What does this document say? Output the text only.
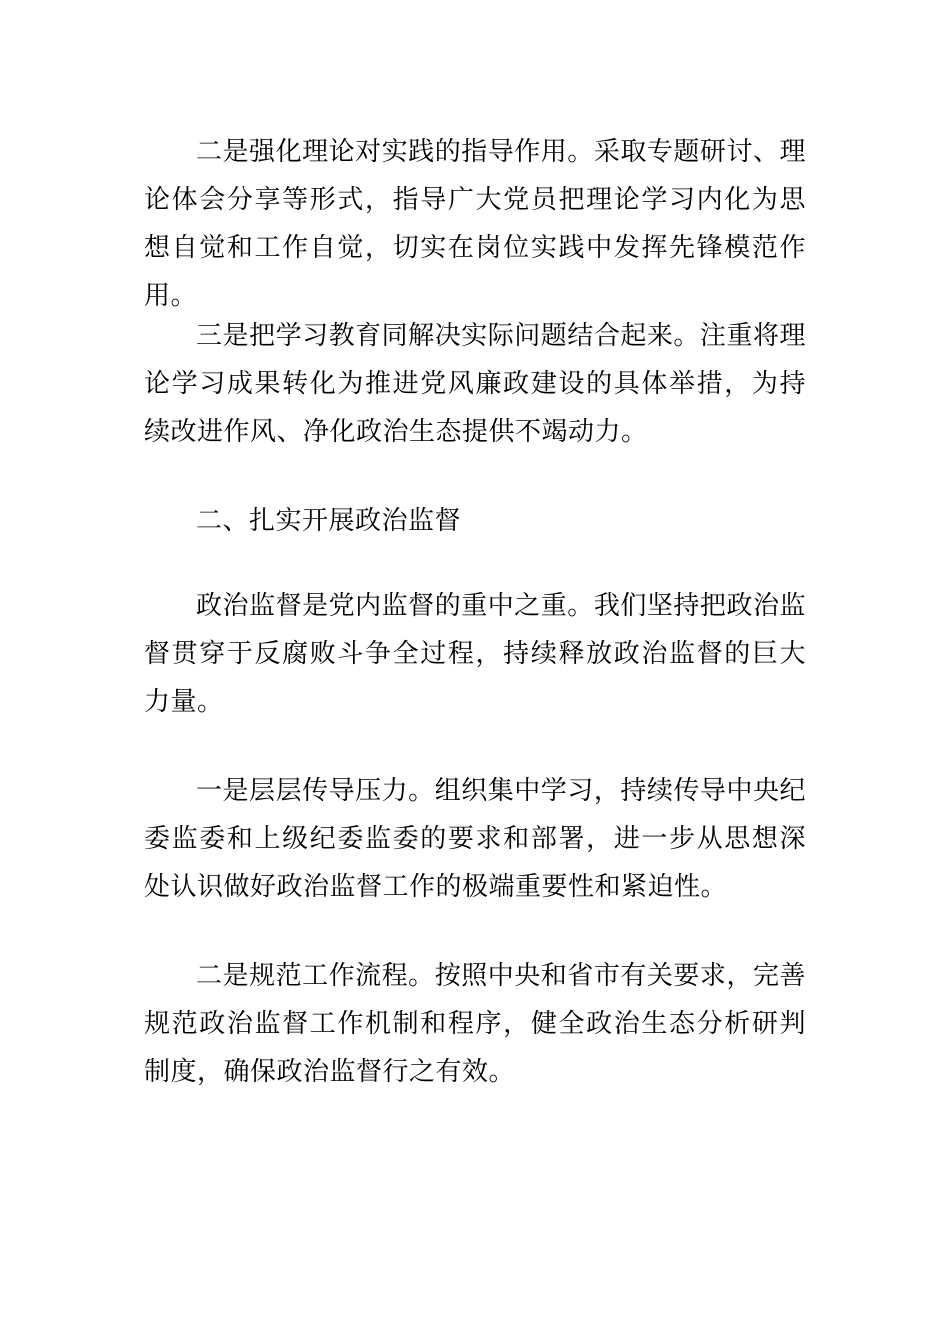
二是强化理论对实践的指导作用。采取专题研讨、理论体会分享等形式，指导广大党员把理论学习内化为思想自觉和工作自觉，切实在岗位实践中发挥先锋模范作用。

三是把学习教育同解决实际问题结合起来。注重将理论学习成果转化为推进党风廉政建设的具体举措，为持续改进作风、净化政治生态提供不竭动力。

二、扎实开展政治监督

政治监督是党内监督的重中之重。我们坚持把政治监督贯穿于反腐败斗争全过程，持续释放政治监督的巨大力量。

一是层层传导压力。组织集中学习，持续传导中央纪委监委和上级纪委监委的要求和部署，进一步从思想深处认识做好政治监督工作的极端重要性和紧迫性。

二是规范工作流程。按照中央和省市有关要求，完善规范政治监督工作机制和程序，健全政治生态分析研判制度，确保政治监督行之有效。
